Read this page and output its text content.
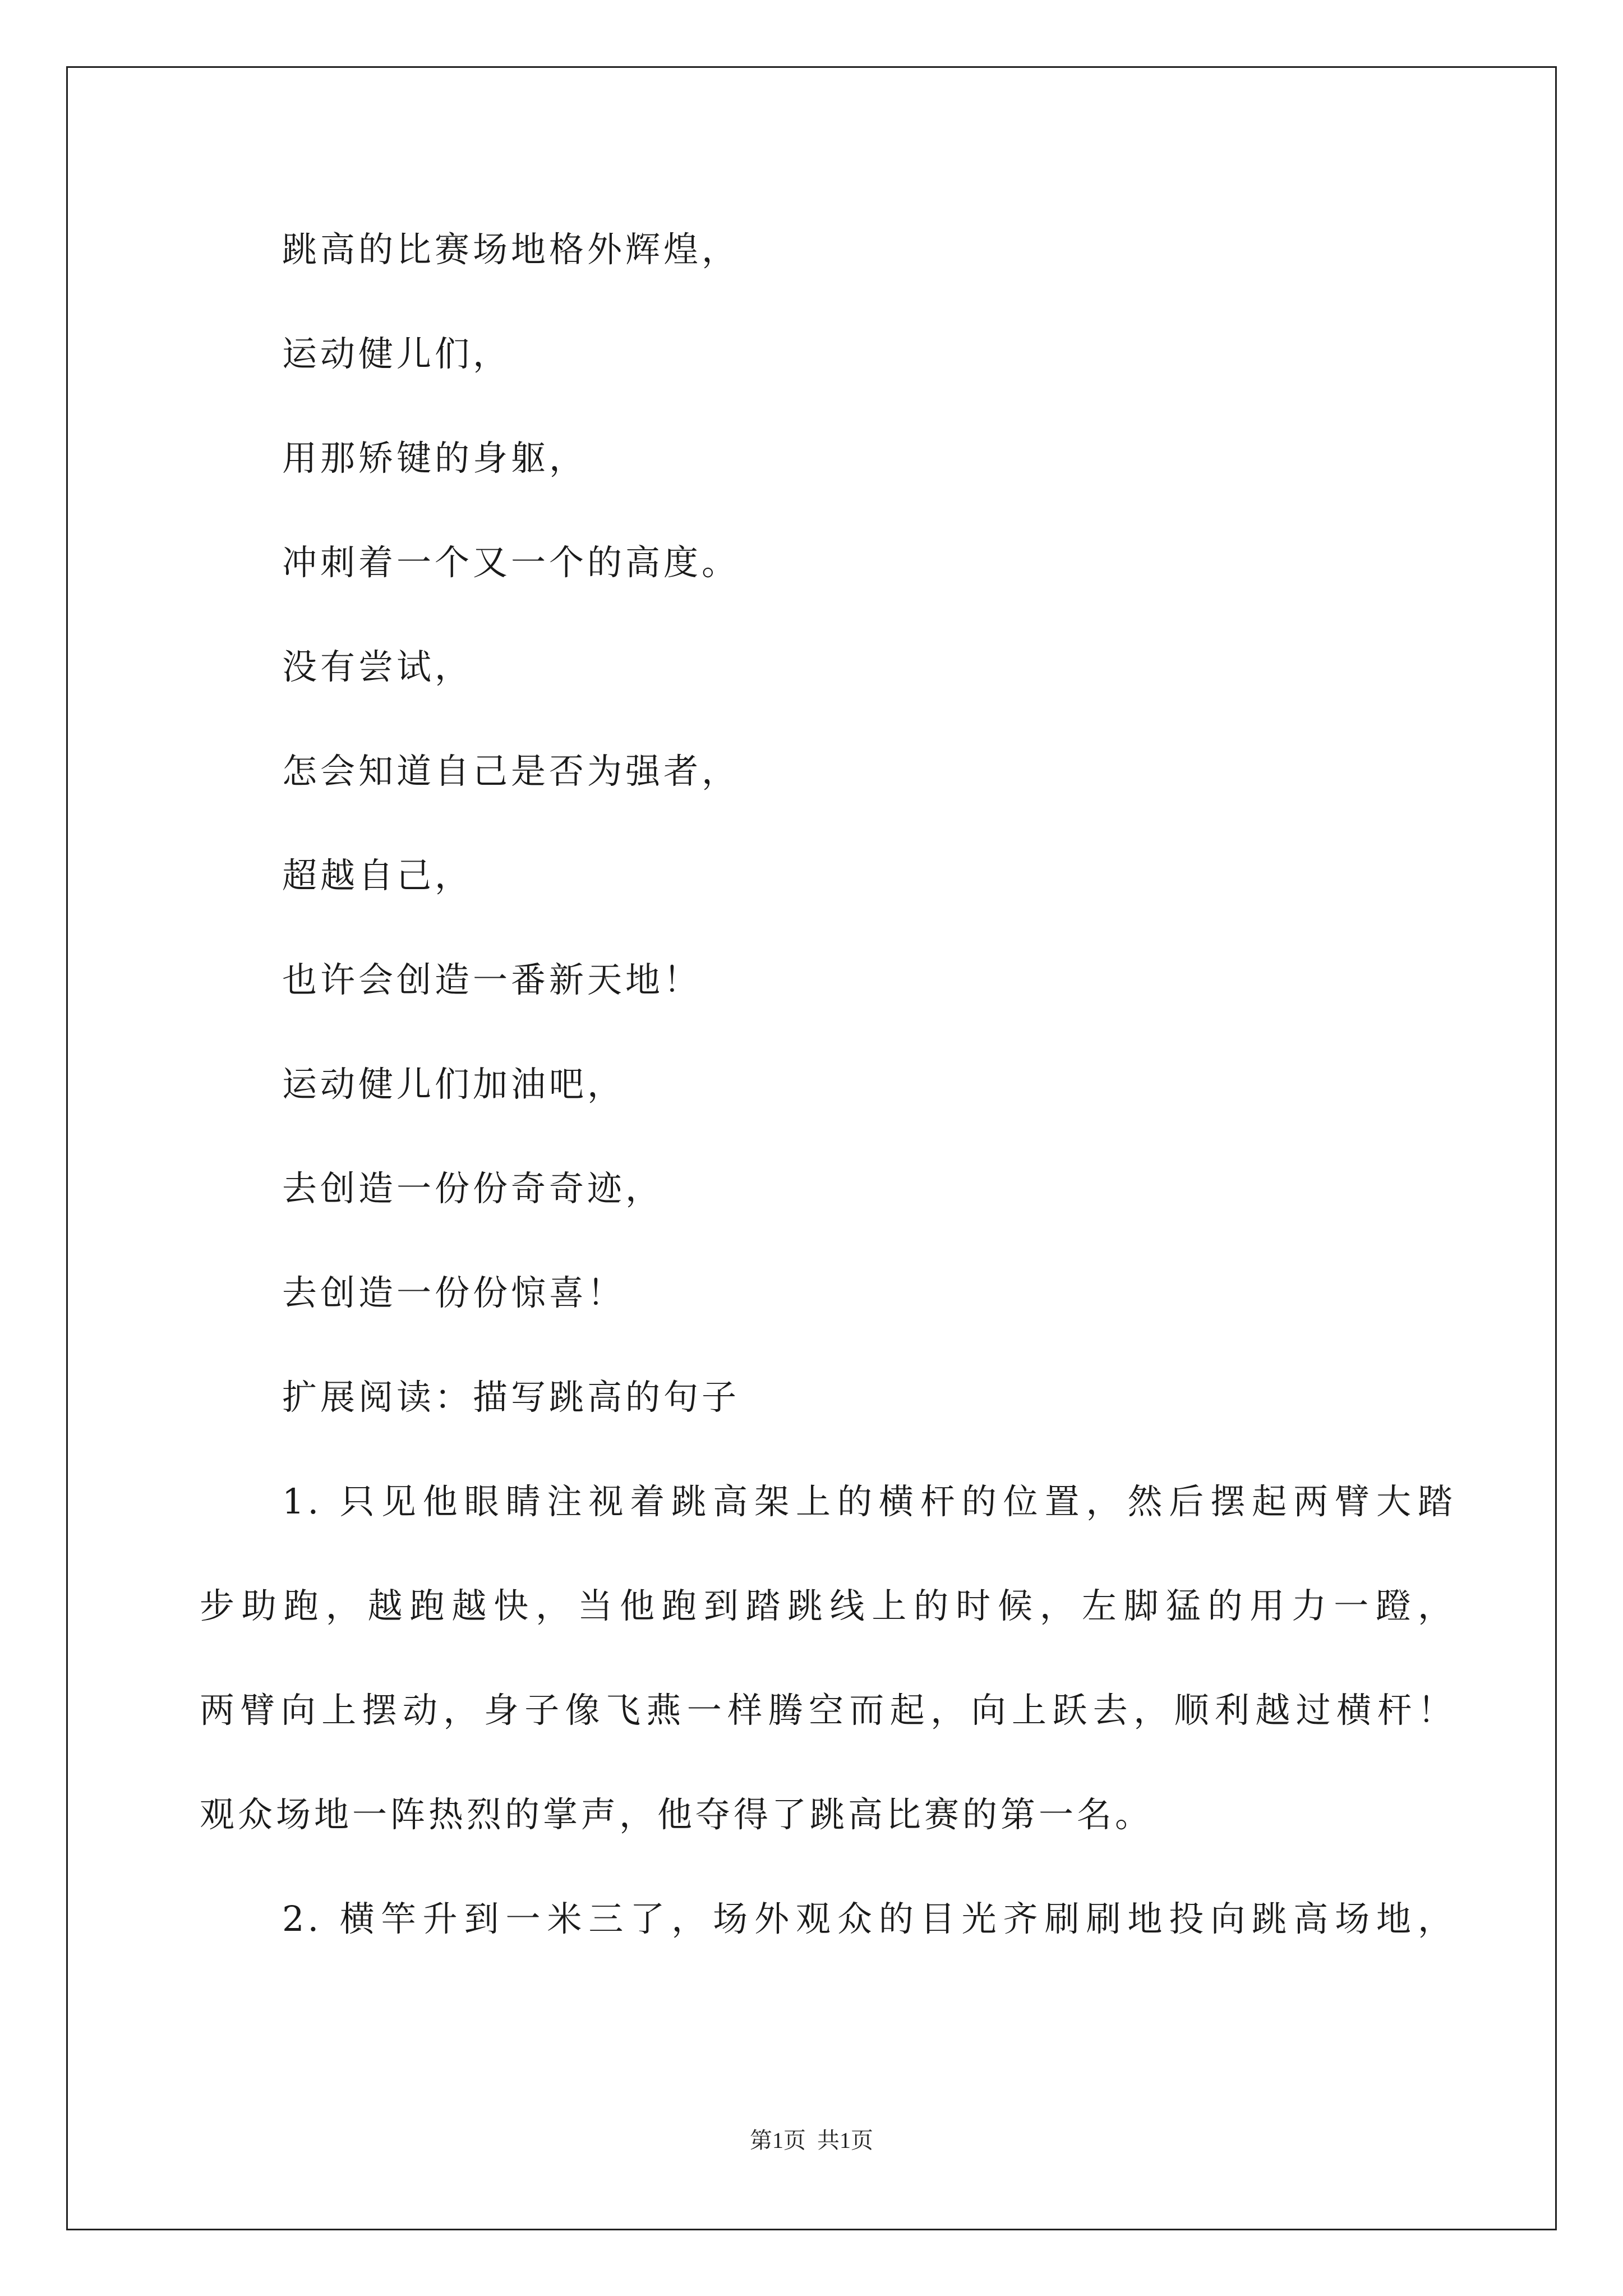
跳高的比赛场地格外辉煌，
运动健儿们，
用那矫键的身躯，
冲刺着一个又一个的高度。
没有尝试，
怎会知道自己是否为强者，
超越自己，
也许会创造一番新天地！
运动健儿们加油吧，
去创造一份份奇奇迹，
去创造一份份惊喜！
扩展阅读：描写跳高的句子
1. 只见他眼睛注视着跳高架上的横杆的位置，然后摆起两臂大踏
步助跑，越跑越快，当他跑到踏跳线上的时候，左脚猛的用力一蹬，
两臂向上摆动，身子像飞燕一样腾空而起，向上跃去，顺利越过横杆！
观众场地一阵热烈的掌声，他夺得了跳高比赛的第一名。
2. 横竿升到一米三了，场外观众的目光齐刷刷地投向跳高场地，
第1页  共1页
